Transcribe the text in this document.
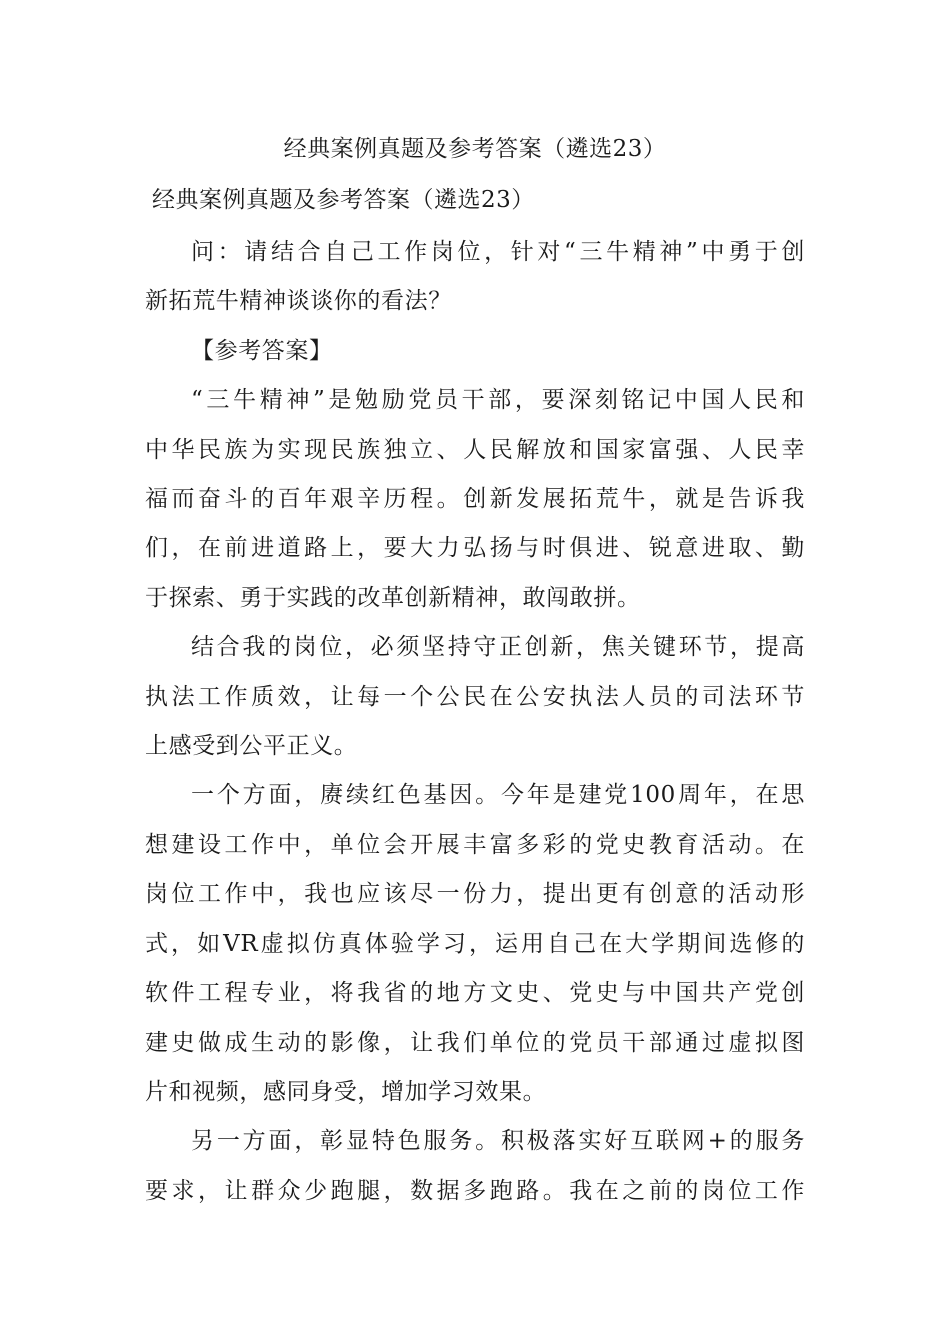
经典案例真题及参考答案（遴选23）
经典案例真题及参考答案（遴选23）

问：请结合自己工作岗位，针对“三牛精神”中勇于创
新拓荒牛精神谈谈你的看法？

【参考答案】

“三牛精神”是勉励党员干部，要深刻铭记中国人民和
中华民族为实现民族独立、人民解放和国家富强、人民幸
福而奋斗的百年艰辛历程。创新发展拓荒牛，就是告诉我
们，在前进道路上，要大力弘扬与时俱进、锐意进取、勤
于探索、勇于实践的改革创新精神，敢闯敢拼。

结合我的岗位，必须坚持守正创新，焦关键环节，提高
执法工作质效，让每一个公民在公安执法人员的司法环节
上感受到公平正义。

一个方面，赓续红色基因。今年是建党100周年，在思
想建设工作中，单位会开展丰富多彩的党史教育活动。在
岗位工作中，我也应该尽一份力，提出更有创意的活动形
式，如VR虚拟仿真体验学习，运用自己在大学期间选修的
软件工程专业，将我省的地方文史、党史与中国共产党创
建史做成生动的影像，让我们单位的党员干部通过虚拟图
片和视频，感同身受，增加学习效果。

另一方面，彰显特色服务。积极落实好互联网+的服务
要求，让群众少跑腿，数据多跑路。我在之前的岗位工作
